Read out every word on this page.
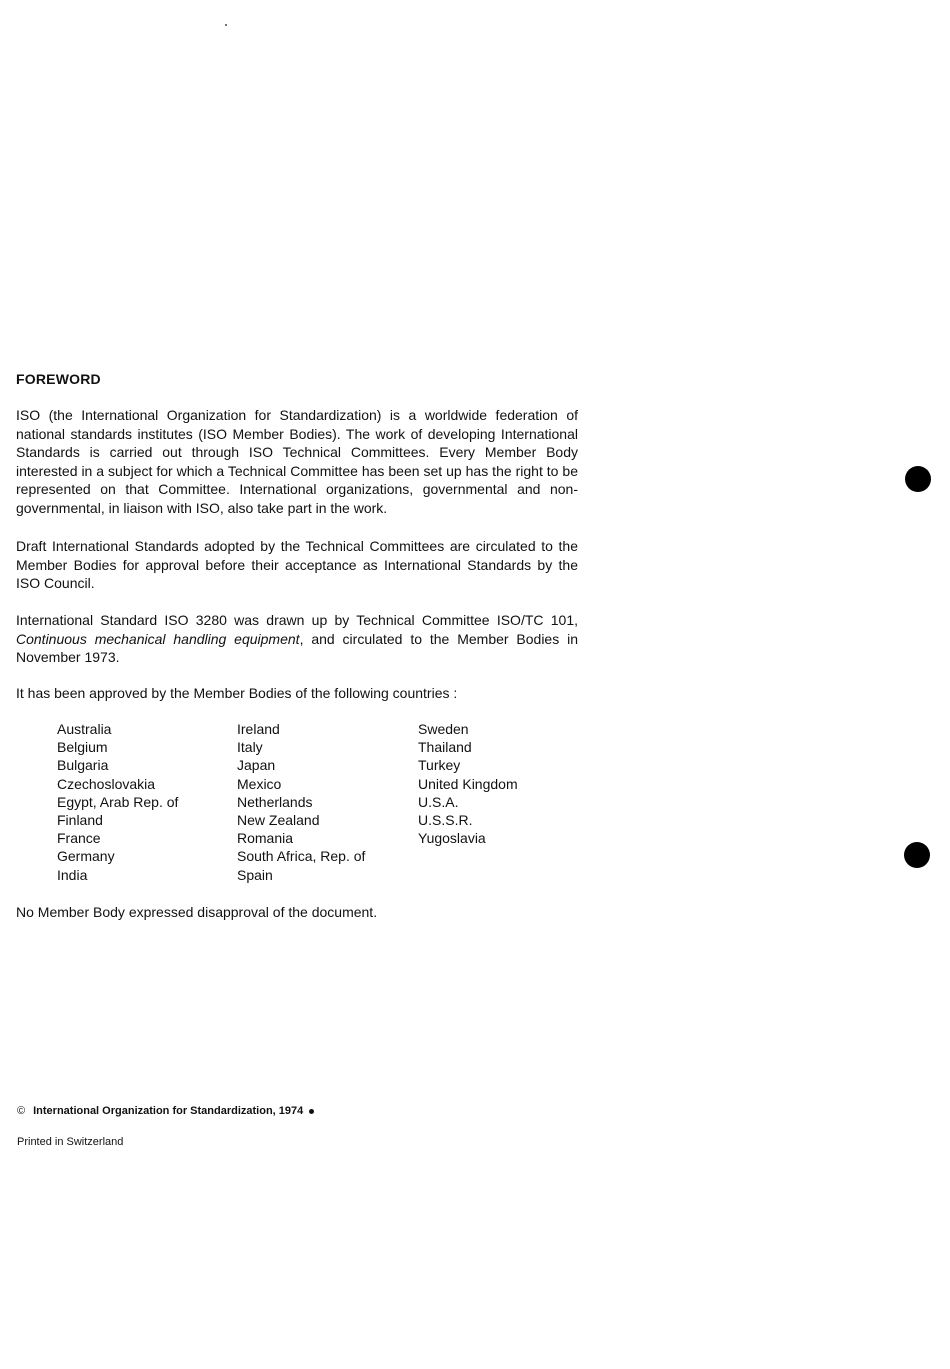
FOREWORD

ISO (the International Organization for Standardization) is a worldwide federation of national standards institutes (ISO Member Bodies). The work of developing International Standards is carried out through ISO Technical Committees. Every Member Body interested in a subject for which a Technical Committee has been set up has the right to be represented on that Committee. International organizations, governmental and non-governmental, in liaison with ISO, also take part in the work.

Draft International Standards adopted by the Technical Committees are circulated to the Member Bodies for approval before their acceptance as International Standards by the ISO Council.

International Standard ISO 3280 was drawn up by Technical Committee ISO/TC 101, Continuous mechanical handling equipment, and circulated to the Member Bodies in November 1973.

It has been approved by the Member Bodies of the following countries :

Australia
Belgium
Bulgaria
Czechoslovakia
Egypt, Arab Rep. of
Finland
France
Germany
India
Ireland
Italy
Japan
Mexico
Netherlands
New Zealand
Romania
South Africa, Rep. of
Spain
Sweden
Thailand
Turkey
United Kingdom
U.S.A.
U.S.S.R.
Yugoslavia

No Member Body expressed disapproval of the document.

© International Organization for Standardization, 1974
Printed in Switzerland
